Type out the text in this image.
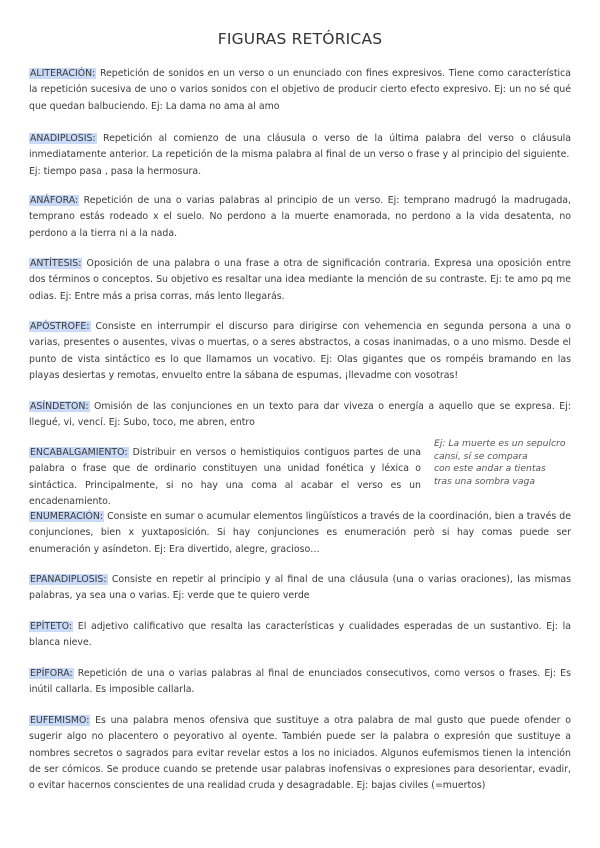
FIGURAS RETÓRICAS

ALITERACIÓN: Repetición de sonidos en un verso o un enunciado con fines expresivos. Tiene como característica la repetición sucesiva de uno o varios sonidos con el objetivo de producir cierto efecto expresivo. Ej: un no sé qué que quedan balbuciendo. Ej: La dama no ama al amo

ANADIPLOSIS: Repetición al comienzo de una cláusula o verso de la última palabra del verso o cláusula inmediatamente anterior. La repetición de la misma palabra al final de un verso o frase y al principio del siguiente.
Ej: tiempo pasa , pasa la hermosura.

ANÁFORA: Repetición de una o varias palabras al principio de un verso. Ej: temprano madrugó la madrugada, temprano estás rodeado x el suelo. No perdono a la muerte enamorada, no perdono a la vida desatenta, no perdono a la tierra ni a la nada.

ANTÍTESIS: Oposición de una palabra o una frase a otra de significación contraria. Expresa una oposición entre dos términos o conceptos. Su objetivo es resaltar una idea mediante la mención de su contraste. Ej: te amo pq me odias. Ej: Entre más a prisa corras, más lento llegarás.

APÓSTROFE: Consiste en interrumpir el discurso para dirigirse con vehemencia en segunda persona a una o varias, presentes o ausentes, vivas o muertas, o a seres abstractos, a cosas inanimadas, o a uno mismo. Desde el punto de vista sintáctico es lo que llamamos un vocativo. Ej: Olas gigantes que os rompéis bramando en las playas desiertas y remotas, envuelto entre la sábana de espumas, ¡llevadme con vosotras!

ASÍNDETON: Omisión de las conjunciones en un texto para dar viveza o energía a aquello que se expresa. Ej: llegué, vi, vencí. Ej: Subo, toco, me abren, entro

ENCABALGAMIENTO: Distribuir en versos o hemistiquios contiguos partes de una palabra o frase que de ordinario constituyen una unidad fonética y léxica o sintáctica. Principalmente, si no hay una coma al acabar el verso es un encadenamiento.

Ej: La muerte es un sepulcro
cansi, sí se compara
con este andar a tientas
tras una sombra vaga

ENUMERACIÓN: Consiste en sumar o acumular elementos lingüísticos a través de la coordinación, bien a través de conjunciones, bien x yuxtaposición. Si hay conjunciones es enumeración però si hay comas puede ser enumeración y asíndeton. Ej: Era divertido, alegre, gracioso…

EPANADIPLOSIS: Consiste en repetir al principio y al final de una cláusula (una o varias oraciones), las mismas palabras, ya sea una o varias. Ej: verde que te quiero verde

EPÍTETO: El adjetivo calificativo que resalta las características y cualidades esperadas de un sustantivo. Ej: la blanca nieve.

EPÍFORA: Repetición de una o varias palabras al final de enunciados consecutivos, como versos o frases. Ej: Es inútil callarla. Es imposible callarla.

EUFEMISMO: Es una palabra menos ofensiva que sustituye a otra palabra de mal gusto que puede ofender o sugerir algo no placentero o peyorativo al oyente. También puede ser la palabra o expresión que sustituye a nombres secretos o sagrados para evitar revelar estos a los no iniciados. Algunos eufemismos tienen la intención de ser cómicos. Se produce cuando se pretende usar palabras inofensivas o expresiones para desorientar, evadir, o evitar hacernos conscientes de una realidad cruda y desagradable. Ej: bajas civiles (=muertos)
